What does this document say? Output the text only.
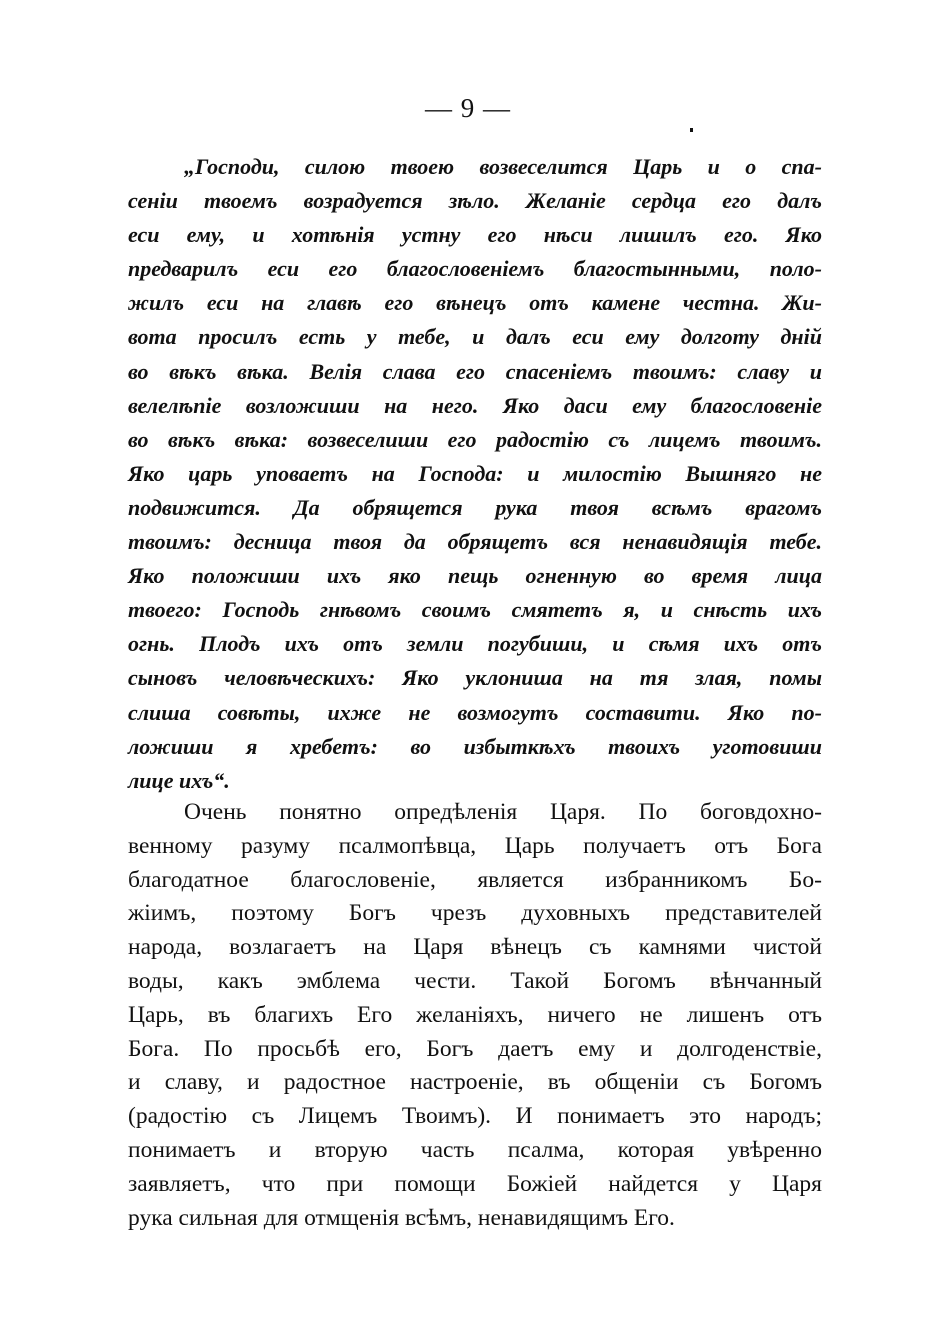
— 9 —
„Господи, силою твоею возвеселится Царь и о спа-
сеніи твоемъ возрадуется зѣло. Желаніе сердца его далъ
еси ему, и хотѣнія устну его нѣси лишилъ его. Яко
предварилъ еси его благословеніемъ благостынными, поло-
жилъ еси на главѣ его вѣнецъ отъ камене честна. Жи-
вота просилъ есть у тебе, и далъ еси ему долготу дній
во вѣкъ вѣка. Велія слава его спасеніемъ твоимъ: славу и
велелѣпіе возложиши на него. Яко даси ему благословеніе
во вѣкъ вѣка: возвеселиши его радостію съ лицемъ твоимъ.
Яко царь уповаетъ на Господа: и милостію Вышняго не
подвижится. Да обрящется рука твоя всѣмъ врагомъ
твоимъ: десница твоя да обрящетъ вся ненавидящія тебе.
Яко положиши ихъ яко пещь огненную во время лица
твоего: Господь гнѣвомъ своимъ смятетъ я, и снѣсть ихъ
огнь. Плодъ ихъ отъ земли погубиши, и сѣмя ихъ отъ
сыновъ человѣческихъ: Яко уклониша на тя злая, помы
слиша совѣты, ихже не возмогутъ составити. Яко по-
ложиши я хребетъ: во избыткѣхъ твоихъ уготовиши
лице ихъ“.
Очень понятно опредѣленія Царя. По боговдохно-
венному разуму псалмопѣвца, Царь получаетъ отъ Бога
благодатное благословеніе, является избранникомъ Бо-
жіимъ, поэтому Богъ чрезъ духовныхъ представителей
народа, возлагаетъ на Царя вѣнецъ съ камнями чистой
воды, какъ эмблема чести. Такой Богомъ вѣнчанный
Царь, въ благихъ Его желаніяхъ, ничего не лишенъ отъ
Бога. По просьбѣ его, Богъ даетъ ему и долгоденствіе,
и славу, и радостное настроеніе, въ общеніи съ Богомъ
(радостію съ Лицемъ Твоимъ). И понимаетъ это народъ;
понимаетъ и вторую часть псалма, которая увѣренно
заявляетъ, что при помощи Божіей найдется у Царя
рука сильная для отмщенія всѣмъ, ненавидящимъ Его.
